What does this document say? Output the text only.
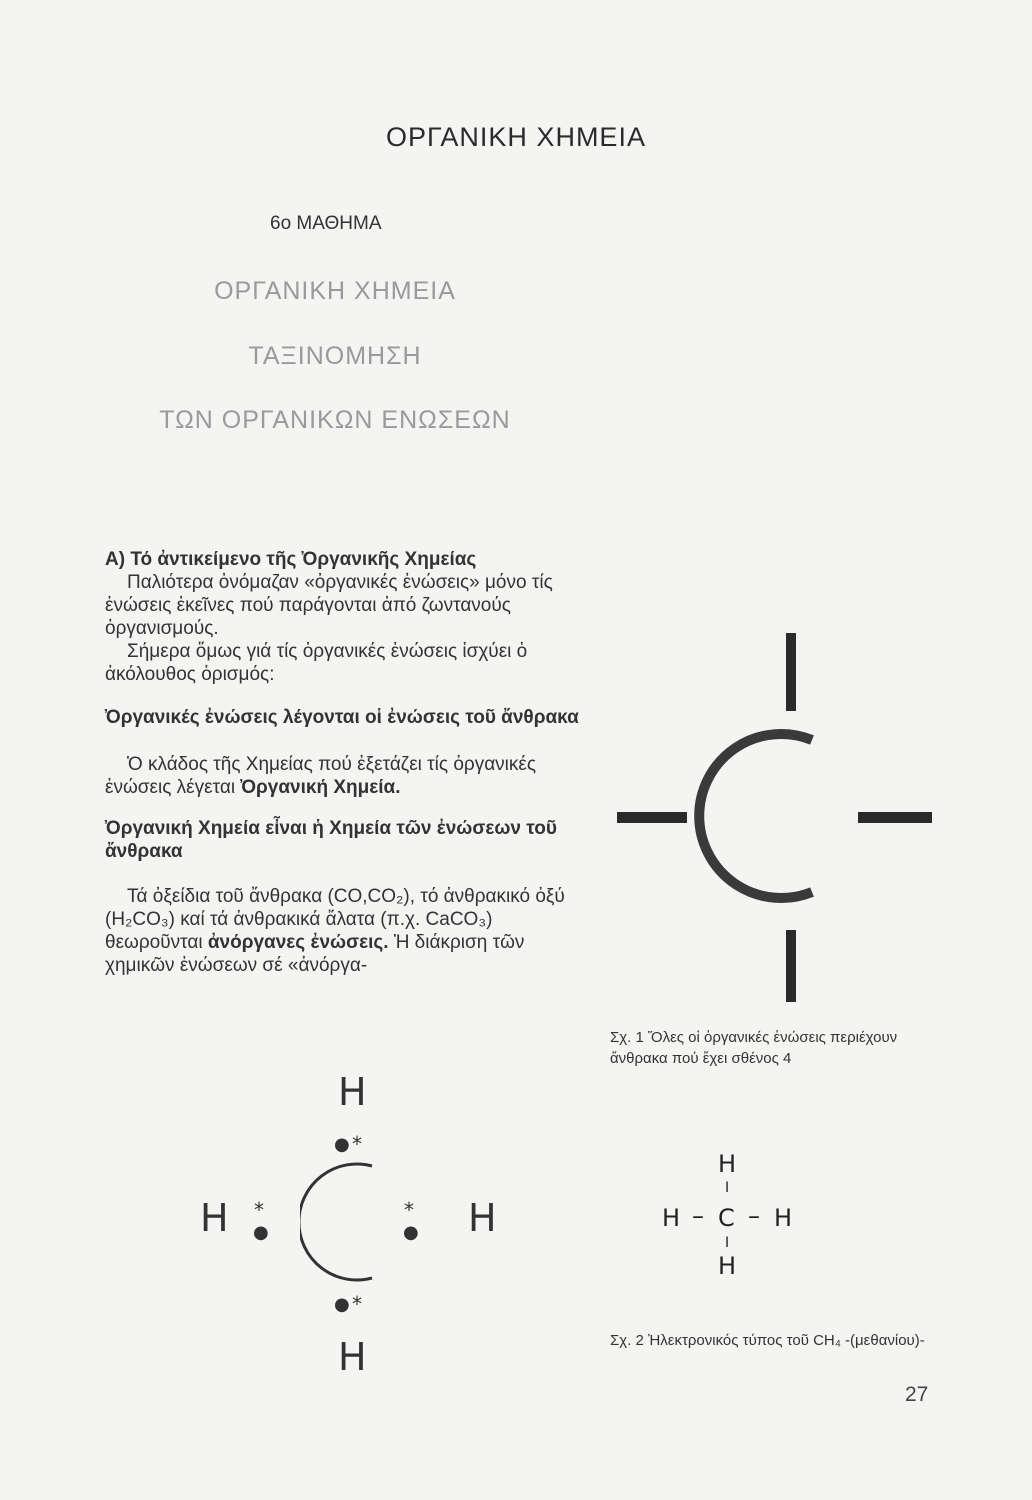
ΟΡΓΑΝΙΚΗ ΧΗΜΕΙΑ
6ο ΜΑΘΗΜΑ
ΟΡΓΑΝΙΚΗ ΧΗΜΕΙΑ
ΤΑΞΙΝΟΜΗΣΗ
ΤΩΝ ΟΡΓΑΝΙΚΩΝ ΕΝΩΣΕΩΝ

Α) Τό ἀντικείμενο τῆς Ὀργανικῆς Χημείας

Παλιότερα ὀνόμαζαν «ὀργανικές ἐνώσεις» μόνο τίς ἐνώσεις ἐκεῖνες πού παράγονται ἀπό ζωντανούς ὀργανισμούς.

Σήμερα ὅμως γιά τίς ὀργανικές ἐνώσεις ἰσχύει ὁ ἀκόλουθος ὁρισμός:

Ὀργανικές ἐνώσεις λέγονται οἱ ἐνώσεις τοῦ ἄνθρακα

Ὁ κλάδος τῆς Χημείας πού ἐξετάζει τίς ὀργανικές ἐνώσεις λέγεται Ὀργανική Χημεία.

Ὀργανική Χημεία εἶναι ἡ Χημεία τῶν ἐνώσεων τοῦ ἄνθρακα

Τά ὀξείδια τοῦ ἄνθρακα (CO,CO₂), τό ἀνθρακικό ὀξύ (H₂CO₃) καί τά ἀνθρακικά ἄλατα (π.χ. CaCO₃) θεωροῦνται ἀνόργανες ἐνώσεις. Ἡ διάκριση τῶν χημικῶν ἐνώσεων σέ «ἀνόργα-

Σχ. 1 Ὅλες οἱ ὀργανικές ἐνώσεις περιέχουν ἄνθρακα πού ἔχει σθένος 4
H
H
H	H
● *
● *
*
●
*
●
H
I
H – C – H
I
H
Σχ. 2 Ἠλεκτρονικός τύπος τοῦ CH₄ -(μεθανίου)-
27
